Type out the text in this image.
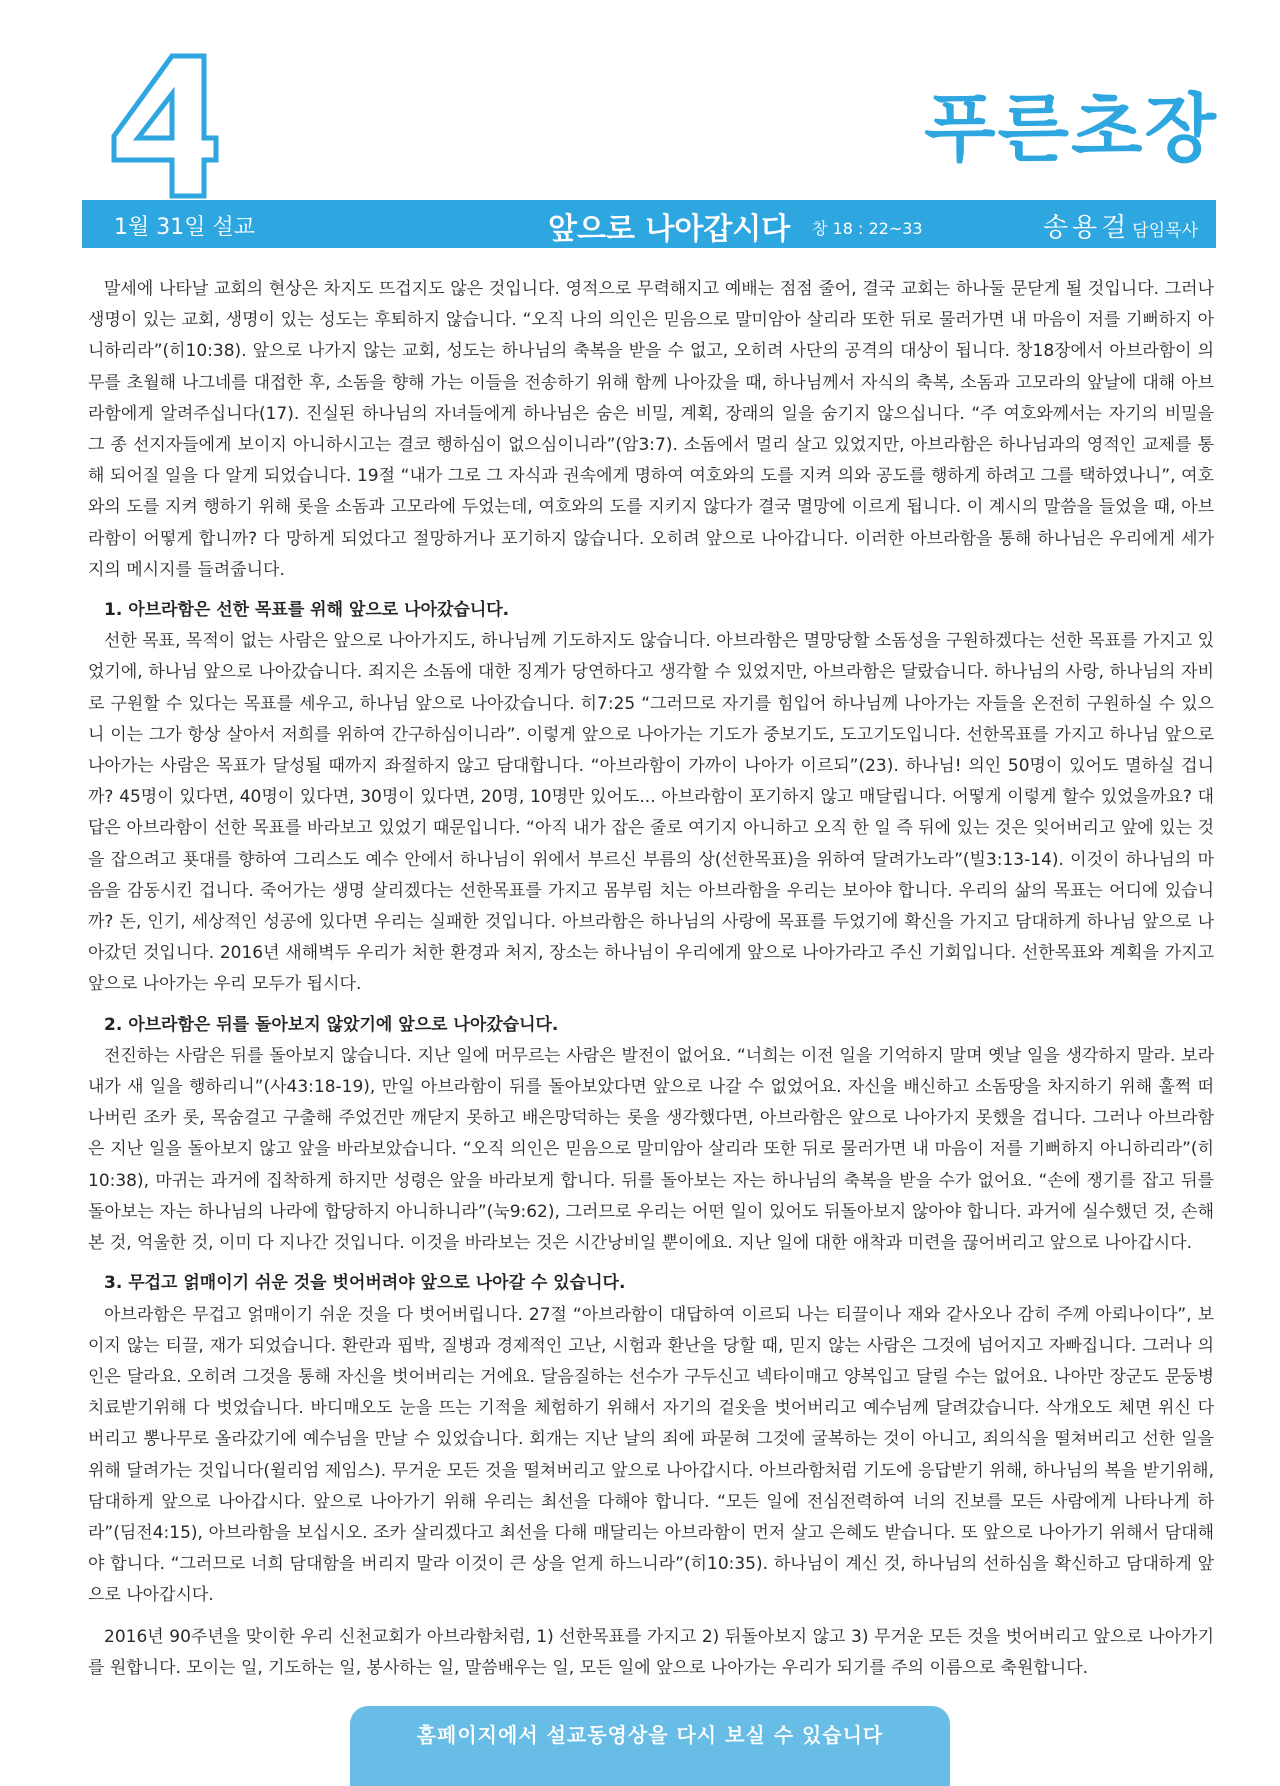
푸른초장
1월 31일 설교	앞으로 나아갑시다 창 18 : 22~33	송용걸 담임목사

말세에 나타날 교회의 현상은 차지도 뜨겁지도 않은 것입니다. 영적으로 무력해지고 예배는 점점 줄어, 결국 교회는 하나둘 문닫게 될 것입니다. 그러나 생명이 있는 교회, 생명이 있는 성도는 후퇴하지 않습니다. “오직 나의 의인은 믿음으로 말미암아 살리라 또한 뒤로 물러가면 내 마음이 저를 기뻐하지 아니하리라”(히10:38). 앞으로 나가지 않는 교회, 성도는 하나님의 축복을 받을 수 없고, 오히려 사단의 공격의 대상이 됩니다. 창18장에서 아브라함이 의무를 초월해 나그네를 대접한 후, 소돔을 향해 가는 이들을 전송하기 위해 함께 나아갔을 때, 하나님께서 자식의 축복, 소돔과 고모라의 앞날에 대해 아브라함에게 알려주십니다(17). 진실된 하나님의 자녀들에게 하나님은 숨은 비밀, 계획, 장래의 일을 숨기지 않으십니다. “주 여호와께서는 자기의 비밀을 그 종 선지자들에게 보이지 아니하시고는 결코 행하심이 없으심이니라”(암3:7). 소돔에서 멀리 살고 있었지만, 아브라함은 하나님과의 영적인 교제를 통해 되어질 일을 다 알게 되었습니다. 19절 “내가 그로 그 자식과 권속에게 명하여 여호와의 도를 지켜 의와 공도를 행하게 하려고 그를 택하였나니”, 여호와의 도를 지켜 행하기 위해 롯을 소돔과 고모라에 두었는데, 여호와의 도를 지키지 않다가 결국 멸망에 이르게 됩니다. 이 계시의 말씀을 들었을 때, 아브라함이 어떻게 합니까? 다 망하게 되었다고 절망하거나 포기하지 않습니다. 오히려 앞으로 나아갑니다. 이러한 아브라함을 통해 하나님은 우리에게 세가지의 메시지를 들려줍니다.

1. 아브라함은 선한 목표를 위해 앞으로 나아갔습니다.

선한 목표, 목적이 없는 사람은 앞으로 나아가지도, 하나님께 기도하지도 않습니다. 아브라함은 멸망당할 소돔성을 구원하겠다는 선한 목표를 가지고 있었기에, 하나님 앞으로 나아갔습니다. 죄지은 소돔에 대한 징계가 당연하다고 생각할 수 있었지만, 아브라함은 달랐습니다. 하나님의 사랑, 하나님의 자비로 구원할 수 있다는 목표를 세우고, 하나님 앞으로 나아갔습니다. 히7:25 “그러므로 자기를 힘입어 하나님께 나아가는 자들을 온전히 구원하실 수 있으니 이는 그가 항상 살아서 저희를 위하여 간구하심이니라”. 이렇게 앞으로 나아가는 기도가 중보기도, 도고기도입니다. 선한목표를 가지고 하나님 앞으로 나아가는 사람은 목표가 달성될 때까지 좌절하지 않고 담대합니다. “아브라함이 가까이 나아가 이르되”(23). 하나님! 의인 50명이 있어도 멸하실 겁니까? 45명이 있다면, 40명이 있다면, 30명이 있다면, 20명, 10명만 있어도... 아브라함이 포기하지 않고 매달립니다. 어떻게 이렇게 할수 있었을까요? 대답은 아브라함이 선한 목표를 바라보고 있었기 때문입니다. “아직 내가 잡은 줄로 여기지 아니하고 오직 한 일 즉 뒤에 있는 것은 잊어버리고 앞에 있는 것을 잡으려고 푯대를 향하여 그리스도 예수 안에서 하나님이 위에서 부르신 부름의 상(선한목표)을 위하여 달려가노라”(빌3:13-14). 이것이 하나님의 마음을 감동시킨 겁니다. 죽어가는 생명 살리겠다는 선한목표를 가지고 몸부림 치는 아브라함을 우리는 보아야 합니다. 우리의 삶의 목표는 어디에 있습니까? 돈, 인기, 세상적인 성공에 있다면 우리는 실패한 것입니다. 아브라함은 하나님의 사랑에 목표를 두었기에 확신을 가지고 담대하게 하나님 앞으로 나아갔던 것입니다. 2016년 새해벽두 우리가 처한 환경과 처지, 장소는 하나님이 우리에게 앞으로 나아가라고 주신 기회입니다. 선한목표와 계획을 가지고 앞으로 나아가는 우리 모두가 됩시다.

2. 아브라함은 뒤를 돌아보지 않았기에 앞으로 나아갔습니다.

전진하는 사람은 뒤를 돌아보지 않습니다. 지난 일에 머무르는 사람은 발전이 없어요. “너희는 이전 일을 기억하지 말며 옛날 일을 생각하지 말라. 보라 내가 새 일을 행하리니”(사43:18-19), 만일 아브라함이 뒤를 돌아보았다면 앞으로 나갈 수 없었어요. 자신을 배신하고 소돔땅을 차지하기 위해 훌쩍 떠나버린 조카 롯, 목숨걸고 구출해 주었건만 깨닫지 못하고 배은망덕하는 롯을 생각했다면, 아브라함은 앞으로 나아가지 못했을 겁니다. 그러나 아브라함은 지난 일을 돌아보지 않고 앞을 바라보았습니다. “오직 의인은 믿음으로 말미암아 살리라 또한 뒤로 물러가면 내 마음이 저를 기뻐하지 아니하리라”(히10:38), 마귀는 과거에 집착하게 하지만 성령은 앞을 바라보게 합니다. 뒤를 돌아보는 자는 하나님의 축복을 받을 수가 없어요. “손에 쟁기를 잡고 뒤를 돌아보는 자는 하나님의 나라에 합당하지 아니하니라”(눅9:62), 그러므로 우리는 어떤 일이 있어도 뒤돌아보지 않아야 합니다. 과거에 실수했던 것, 손해 본 것, 억울한 것, 이미 다 지나간 것입니다. 이것을 바라보는 것은 시간낭비일 뿐이에요. 지난 일에 대한 애착과 미련을 끊어버리고 앞으로 나아갑시다.

3. 무겁고 얽매이기 쉬운 것을 벗어버려야 앞으로 나아갈 수 있습니다.

아브라함은 무겁고 얽매이기 쉬운 것을 다 벗어버립니다. 27절 “아브라함이 대답하여 이르되 나는 티끌이나 재와 같사오나 감히 주께 아뢰나이다”, 보이지 않는 티끌, 재가 되었습니다. 환란과 핍박, 질병과 경제적인 고난, 시험과 환난을 당할 때, 믿지 않는 사람은 그것에 넘어지고 자빠집니다. 그러나 의인은 달라요. 오히려 그것을 통해 자신을 벗어버리는 거에요. 달음질하는 선수가 구두신고 넥타이매고 양복입고 달릴 수는 없어요. 나아만 장군도 문둥병 치료받기위해 다 벗었습니다. 바디매오도 눈을 뜨는 기적을 체험하기 위해서 자기의 겉옷을 벗어버리고 예수님께 달려갔습니다. 삭개오도 체면 위신 다 버리고 뽕나무로 올라갔기에 예수님을 만날 수 있었습니다. 회개는 지난 날의 죄에 파묻혀 그것에 굴복하는 것이 아니고, 죄의식을 떨쳐버리고 선한 일을 위해 달려가는 것입니다(윌리엄 제임스). 무거운 모든 것을 떨쳐버리고 앞으로 나아갑시다. 아브라함처럼 기도에 응답받기 위해, 하나님의 복을 받기위해, 담대하게 앞으로 나아갑시다. 앞으로 나아가기 위해 우리는 최선을 다해야 합니다. “모든 일에 전심전력하여 너의 진보를 모든 사람에게 나타나게 하라”(딤전4:15), 아브라함을 보십시오. 조카 살리겠다고 최선을 다해 매달리는 아브라함이 먼저 살고 은혜도 받습니다. 또 앞으로 나아가기 위해서 담대해야 합니다. “그러므로 너희 담대함을 버리지 말라 이것이 큰 상을 얻게 하느니라”(히10:35). 하나님이 계신 것, 하나님의 선하심을 확신하고 담대하게 앞으로 나아갑시다.

2016년 90주년을 맞이한 우리 신천교회가 아브라함처럼, 1) 선한목표를 가지고 2) 뒤돌아보지 않고 3) 무거운 모든 것을 벗어버리고 앞으로 나아가기를 원합니다. 모이는 일, 기도하는 일, 봉사하는 일, 말씀배우는 일, 모든 일에 앞으로 나아가는 우리가 되기를 주의 이름으로 축원합니다.

홈페이지에서 설교동영상을 다시 보실 수 있습니다
